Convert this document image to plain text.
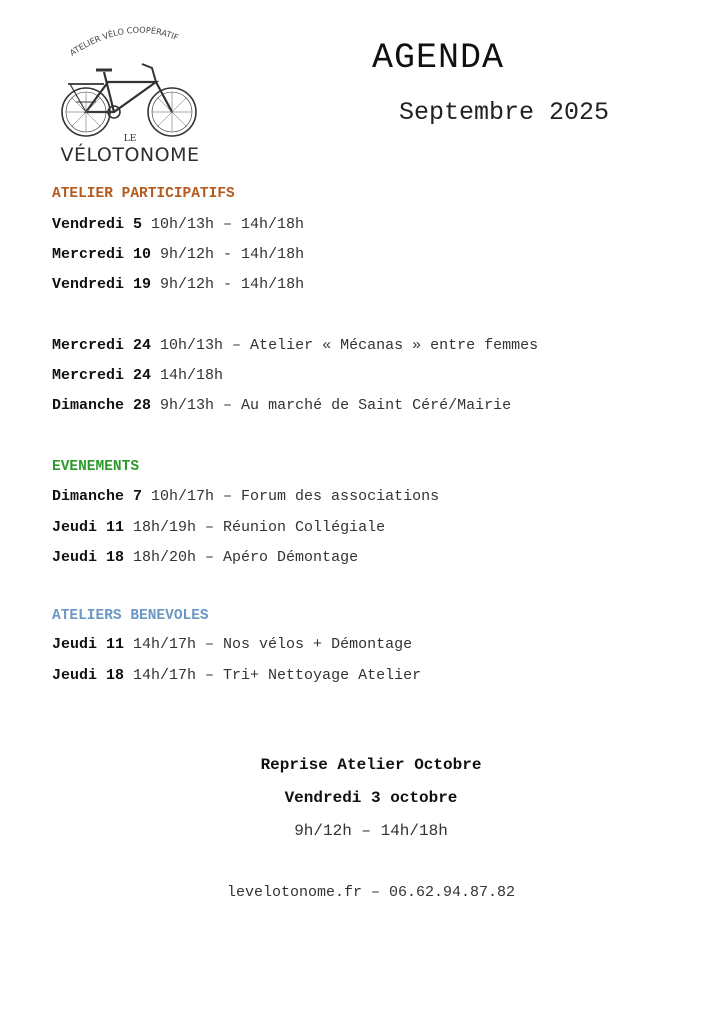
ATELIER VÉLO COOPÉRATIF
LE
VÉLOTONOME
AGENDA
Septembre 2025
ATELIER PARTICIPATIFS
Vendredi 5 10h/13h – 14h/18h
Mercredi 10 9h/12h - 14h/18h
Vendredi 19 9h/12h - 14h/18h
Mercredi 24 10h/13h – Atelier « Mécanas » entre femmes
Mercredi 24 14h/18h
Dimanche 28 9h/13h – Au marché de Saint Céré/Mairie
EVENEMENTS
Dimanche 7 10h/17h – Forum des associations
Jeudi 11 18h/19h – Réunion Collégiale
Jeudi 18 18h/20h – Apéro Démontage
ATELIERS BENEVOLES
Jeudi 11 14h/17h – Nos vélos + Démontage
Jeudi 18 14h/17h – Tri+ Nettoyage Atelier
Reprise Atelier Octobre
Vendredi 3 octobre
9h/12h – 14h/18h
levelotonome.fr – 06.62.94.87.82
